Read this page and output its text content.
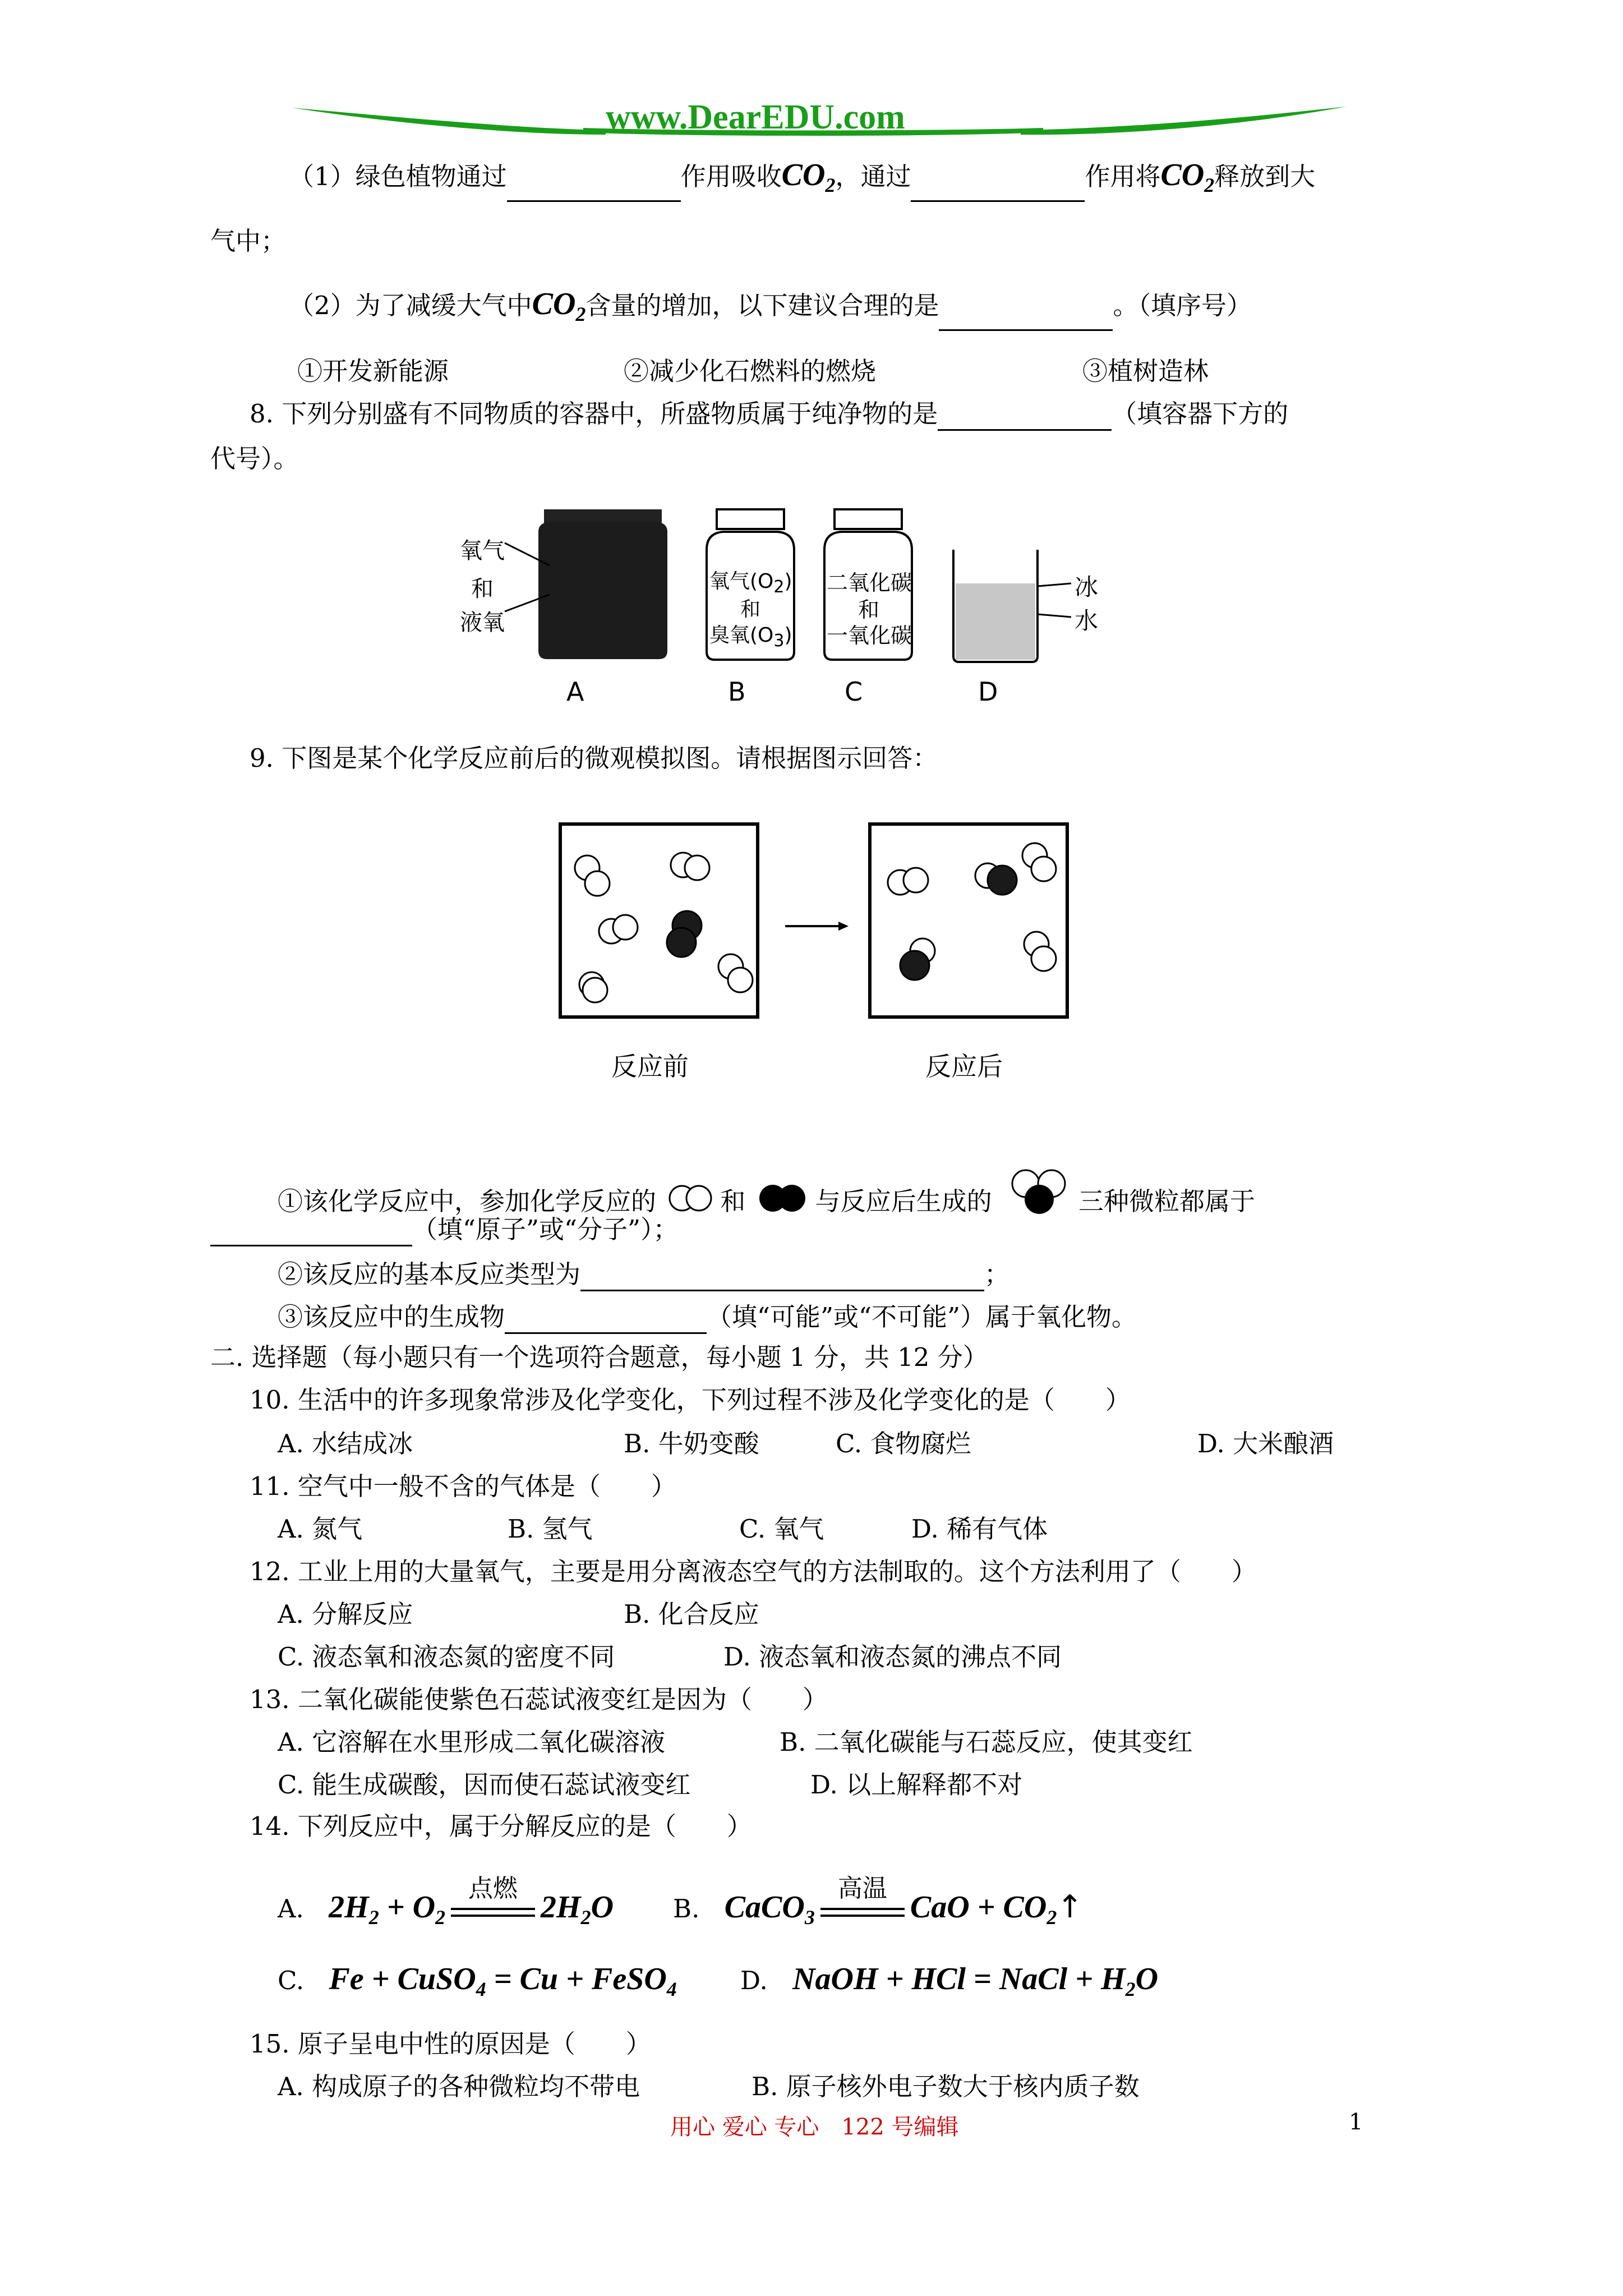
www.DearEDU.com
（1）绿色植物通过	作用吸收$CO_2$，通过	作用将$CO_2$释放到大
气中；
（2）为了减缓大气中$CO_2$含量的增加，以下建议合理的是	。（填序号）
①开发新能源	②减少化石燃料的燃烧	③植树造林
8. 下列分别盛有不同物质的容器中，所盛物质属于纯净物的是	（填容器下方的
代号）。
氧气
和
液氧
氧气$(O_2)$
和
臭氧$(O_3)$
二氧化碳
和
一氧化碳
冰
水
A	B	C	D
9. 下图是某个化学反应前后的微观模拟图。请根据图示回答：
反应前	反应后
①该化学反应中，参加化学反应的	和	与反应后生成的	三种微粒都属于
（填“原子”或“分子”）；
②该反应的基本反应类型为	；
③该反应中的生成物	（填“可能”或“不可能”）属于氧化物。
二. 选择题（每小题只有一个选项符合题意，每小题 1 分，共 12 分）
10. 生活中的许多现象常涉及化学变化，下列过程不涉及化学变化的是（　　）
A. 水结成冰	B. 牛奶变酸	C. 食物腐烂	D. 大米酿酒
11. 空气中一般不含的气体是（　　）
A. 氮气	B. 氢气	C. 氧气	D. 稀有气体
12. 工业上用的大量氧气，主要是用分离液态空气的方法制取的。这个方法利用了（　　）
A. 分解反应	B. 化合反应
C. 液态氧和液态氮的密度不同	D. 液态氧和液态氮的沸点不同
13. 二氧化碳能使紫色石蕊试液变红是因为（　　）
A. 它溶解在水里形成二氧化碳溶液	B. 二氧化碳能与石蕊反应，使其变红
C. 能生成碳酸，因而使石蕊试液变红	D. 以上解释都不对
14. 下列反应中，属于分解反应的是（　　）
A. $2H_2 + O_2$
点燃
$2H_2O$ B. CaCO$_3$
高温
CaO + $CO_2↑$
C. Fe + CuSO$_4$ = Cu + FeSO$_4$	D. NaOH + HCl = NaCl + $H_2O$
15. 原子呈电中性的原因是（　　）
A. 构成原子的各种微粒均不带电	B. 原子核外电子数大于核内质子数
用心 爱心 专心　122 号编辑	1
